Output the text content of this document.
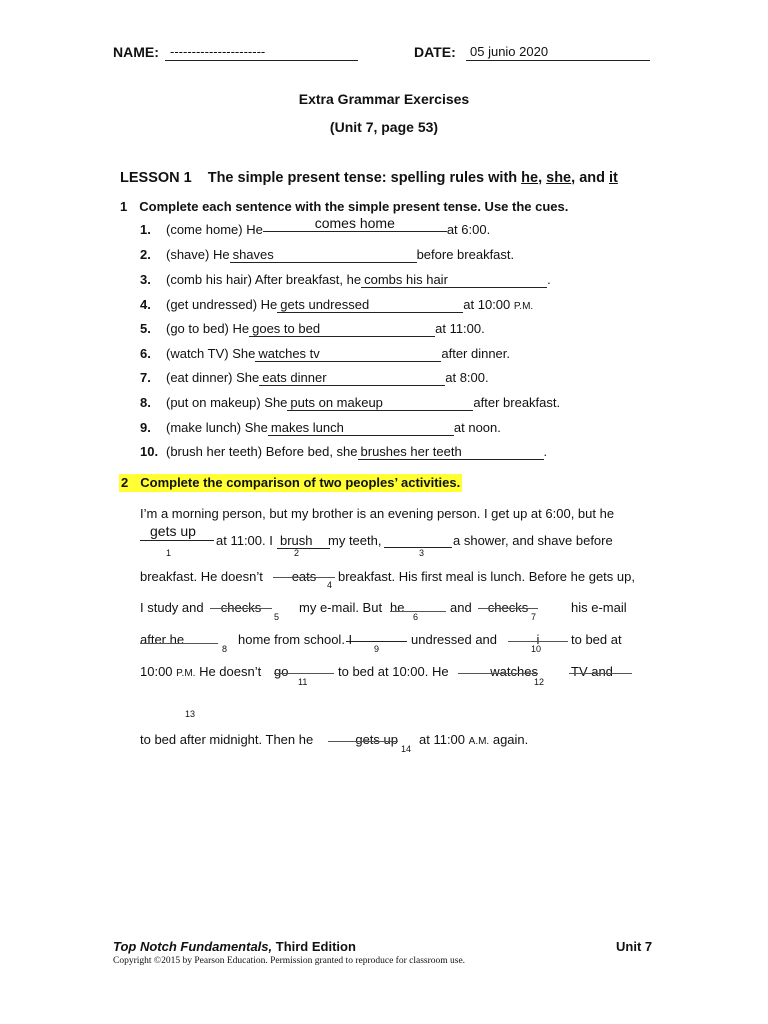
NAME: ----------------------	DATE:	05 junio 2020
Extra Grammar Exercises
(Unit 7, page 53)
LESSON 1 The simple present tense: spelling rules with he, she, and it
1 Complete each sentence with the simple present tense. Use the cues.
1. (come home) He	comes home	at 6:00.
2. (shave) He shaves	before breakfast.
3. (comb his hair) After breakfast, he combs his hair	.
4. (get undressed) He gets undressed	at 10:00 P.M.
5. (go to bed) He goes to bed	at 11:00.
6. (watch TV) She watches tv	after dinner.
7. (eat dinner) She eats dinner	at 8:00.
8. (put on makeup) She puts on makeup	after breakfast.
9. (make lunch) She makes lunch	at noon.
10. (brush her teeth) Before bed, she brushes her teeth	.
2 Complete the comparison of two peoples’ activities.
I’m a morning person, but my brother is an evening person. I get up at 6:00, but he
gets up
1
at 11:00. I brush
2
my teeth,
3
a shower, and shave before
breakfast. He doesn’t	eats
4
breakfast. His first meal is lunch. Before he gets up,
I study and	checks
5
my e-mail. But he
6
and	checks
7
his e-mail
after he
8
home from school. I
9
undressed and	i
10
to bed at
10:00 P.M. He doesn’t go
11
to bed at 10:00. He	watches
12
TV and
13
to bed after midnight. Then he	gets up
14
at 11:00 A.M. again.
Top Notch Fundamentals, Third Edition	Unit 7
Copyright ©2015 by Pearson Education. Permission granted to reproduce for classroom use.
